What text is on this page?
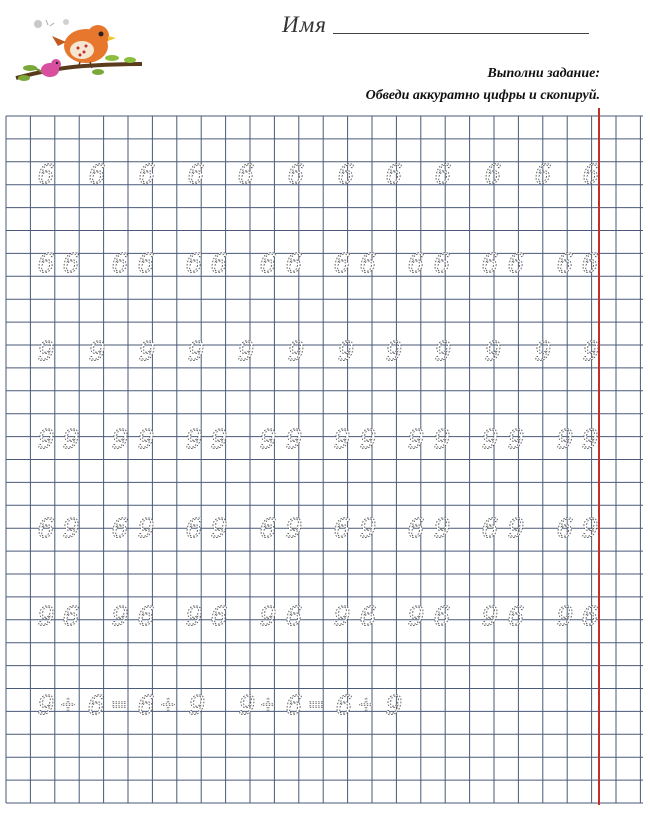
Имя
Выполни задание:
Обведи аккуратно цифры и скопируй.
6 6 6 6 6 6 6 6 6 6 6 6
6 6 6 6 6 6 6 6 6 6 6 6 6 6 6 6
9 9 9 9 9 9 9 9 9 9 9 9
9 9 9 9 9 9 9 9 9 9 9 9 9 9 9 9
6 9 6 9 6 9 6 9 6 9 6 9 6 9 6 9
9 6 9 6 9 6 9 6 9 6 9 6 9 6 9 6
9 + 6 = 6 + 9 9 + 6 = 6 + 9
